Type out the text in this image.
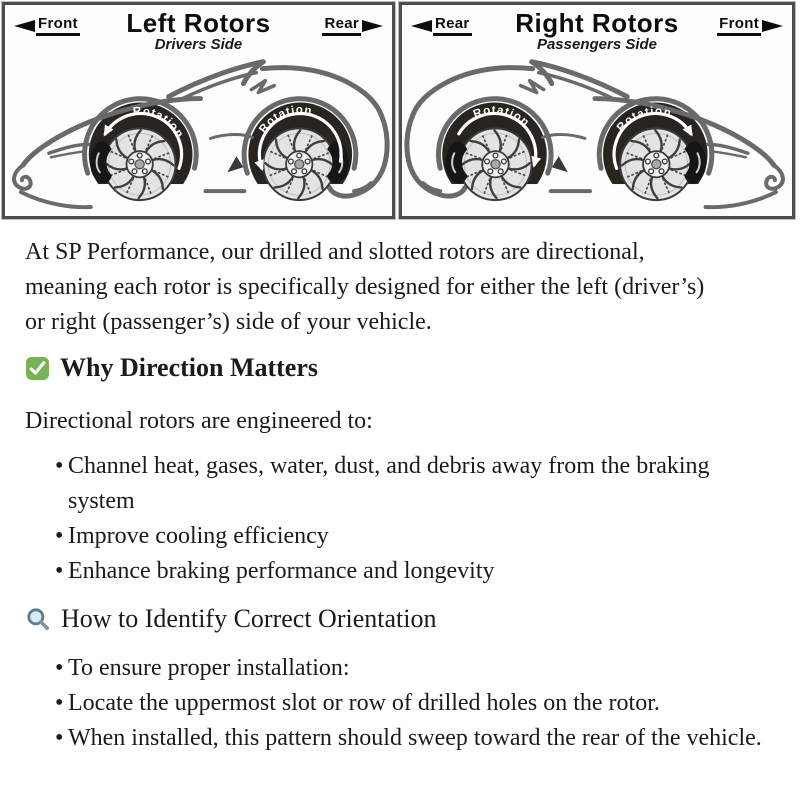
Rotation	Rotation
Front	Left Rotors
Drivers Side
Rear
Rotation
Rotation
Rear	Right Rotors
Passengers Side
Front

At SP Performance, our drilled and slotted rotors are directional, meaning each rotor is specifically designed for either the left (driver’s) or right (passenger’s) side of your vehicle.

Why Direction Matters

Directional rotors are engineered to:

• Channel heat, gases, water, dust, and debris away from the braking system
• Improve cooling efficiency
• Enhance braking performance and longevity
How to Identify Correct Orientation
• To ensure proper installation:
• Locate the uppermost slot or row of drilled holes on the rotor.
• When installed, this pattern should sweep toward the rear of the vehicle.
